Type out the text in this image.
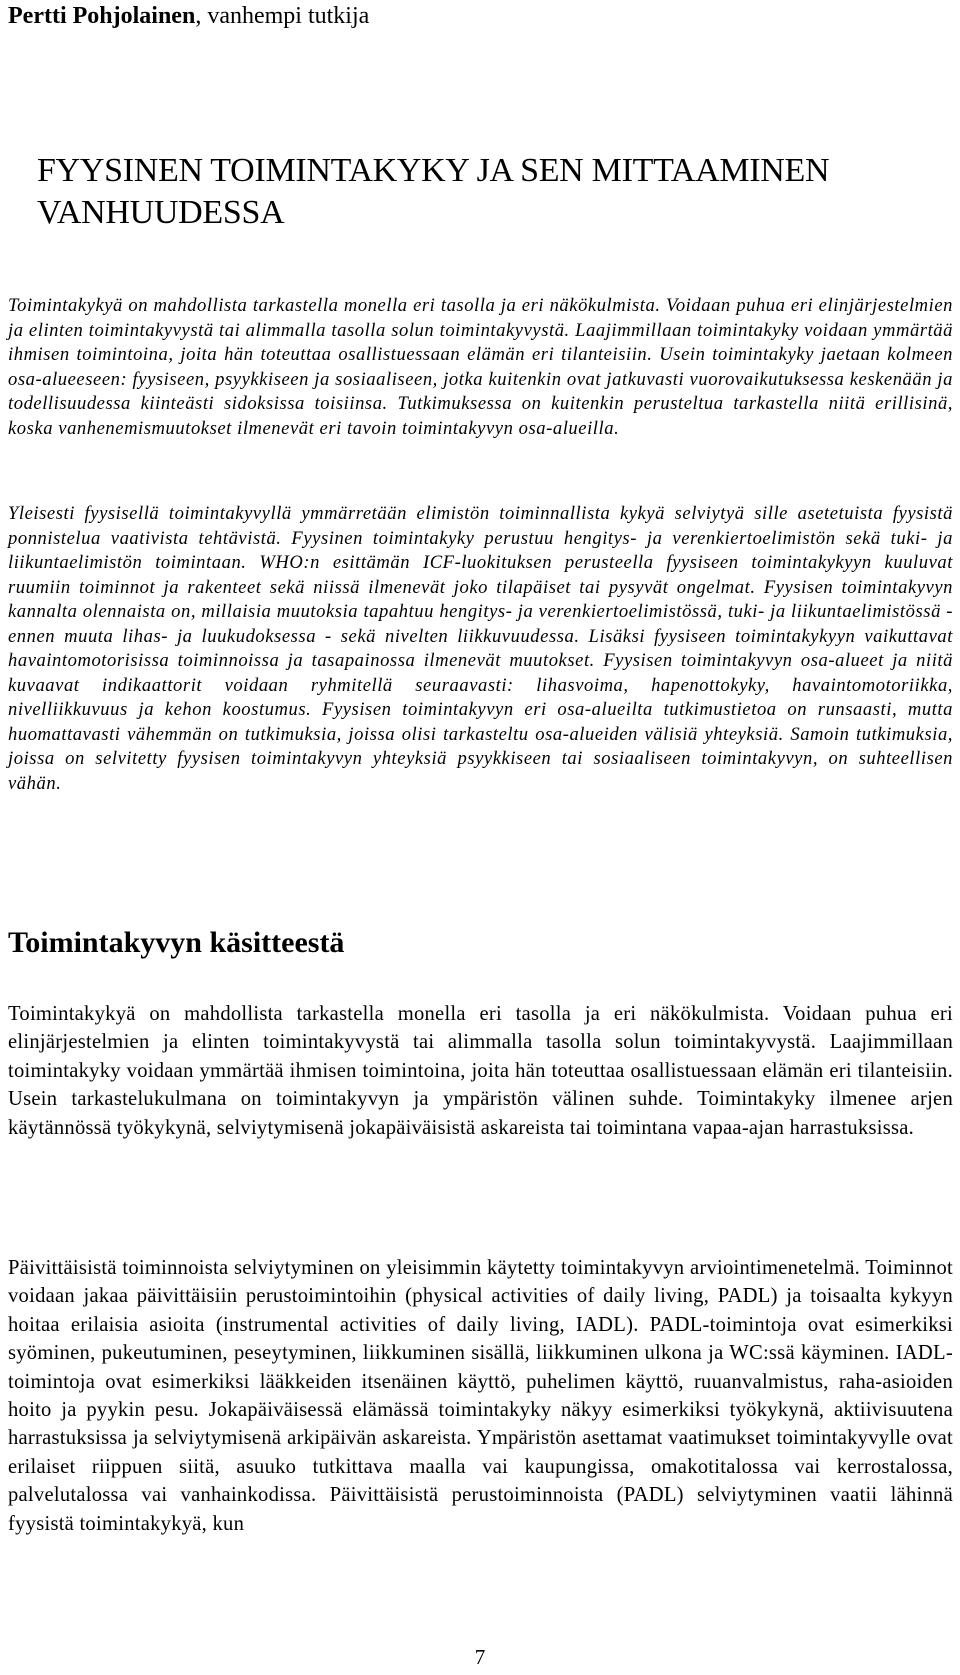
Pertti Pohjolainen, vanhempi tutkija
FYYSINEN TOIMINTAKYKY JA SEN MITTAAMINEN VANHUUDESSA

Toimintakykyä on mahdollista tarkastella monella eri tasolla ja eri näkökulmista. Voidaan puhua eri elinjärjestelmien ja elinten toimintakyvystä tai alimmalla tasolla solun toimintakyvystä. Laajimmillaan toimintakyky voidaan ymmärtää ihmisen toimintoina, joita hän toteuttaa osallistuessaan elämän eri tilanteisiin. Usein toimintakyky jaetaan kolmeen osa-alueeseen: fyysiseen, psyykkiseen ja sosiaaliseen, jotka kuitenkin ovat jatkuvasti vuorovaikutuksessa keskenään ja todellisuudessa kiinteästi sidoksissa toisiinsa. Tutkimuksessa on kuitenkin perusteltua tarkastella niitä erillisinä, koska vanhenemismuutokset ilmenevät eri tavoin toimintakyvyn osa-alueilla.

Yleisesti fyysisellä toimintakyvyllä ymmärretään elimistön toiminnallista kykyä selviytyä sille asetetuista fyysistä ponnistelua vaativista tehtävistä. Fyysinen toimintakyky perustuu hengitys- ja verenkiertoelimistön sekä tuki- ja liikuntaelimistön toimintaan. WHO:n esittämän ICF-luokituksen perusteella fyysiseen toimintakykyyn kuuluvat ruumiin toiminnot ja rakenteet sekä niissä ilmenevät joko tilapäiset tai pysyvät ongelmat. Fyysisen toimintakyvyn kannalta olennaista on, millaisia muutoksia tapahtuu hengitys- ja verenkiertoelimistössä, tuki- ja liikuntaelimistössä - ennen muuta lihas- ja luukudoksessa - sekä nivelten liikkuvuudessa. Lisäksi fyysiseen toimintakykyyn vaikuttavat havaintomotorisissa toiminnoissa ja tasapainossa ilmenevät muutokset. Fyysisen toimintakyvyn osa-alueet ja niitä kuvaavat indikaattorit voidaan ryhmitellä seuraavasti: lihasvoima, hapenottokyky, havaintomotoriikka, nivelliikkuvuus ja kehon koostumus. Fyysisen toimintakyvyn eri osa-alueilta tutkimustietoa on runsaasti, mutta huomattavasti vähemmän on tutkimuksia, joissa olisi tarkasteltu osa-alueiden välisiä yhteyksiä. Samoin tutkimuksia, joissa on selvitetty fyysisen toimintakyvyn yhteyksiä psyykkiseen tai sosiaaliseen toimintakyvyn, on suhteellisen vähän.

Toimintakyvyn käsitteestä

Toimintakykyä on mahdollista tarkastella monella eri tasolla ja eri näkökulmista. Voidaan puhua eri elinjärjestelmien ja elinten toimintakyvystä tai alimmalla tasolla solun toimintakyvystä. Laajimmillaan toimintakyky voidaan ymmärtää ihmisen toimintoina, joita hän toteuttaa osallistuessaan elämän eri tilanteisiin. Usein tarkastelukulmana on toimintakyvyn ja ympäristön välinen suhde. Toimintakyky ilmenee arjen käytännössä työkykynä, selviytymisenä jokapäiväisistä askareista tai toimintana vapaa-ajan harrastuksissa.

Päivittäisistä toiminnoista selviytyminen on yleisimmin käytetty toimintakyvyn arviointimenetelmä. Toiminnot voidaan jakaa päivittäisiin perustoimintoihin (physical activities of daily living, PADL) ja toisaalta kykyyn hoitaa erilaisia asioita (instrumental activities of daily living, IADL). PADL-toimintoja ovat esimerkiksi syöminen, pukeutuminen, peseytyminen, liikkuminen sisällä, liikkuminen ulkona ja WC:ssä käyminen. IADL-toimintoja ovat esimerkiksi lääkkeiden itsenäinen käyttö, puhelimen käyttö, ruuanvalmistus, raha-asioiden hoito ja pyykin pesu. Jokapäiväisessä elämässä toimintakyky näkyy esimerkiksi työkykynä, aktiivisuutena harrastuksissa ja selviytymisenä arkipäivän askareista. Ympäristön asettamat vaatimukset toimintakyvylle ovat erilaiset riippuen siitä, asuuko tutkittava maalla vai kaupungissa, omakotitalossa vai kerrostalossa, palvelutalossa vai vanhainkodissa. Päivittäisistä perustoiminnoista (PADL) selviytyminen vaatii lähinnä fyysistä toimintakykyä, kun

7
